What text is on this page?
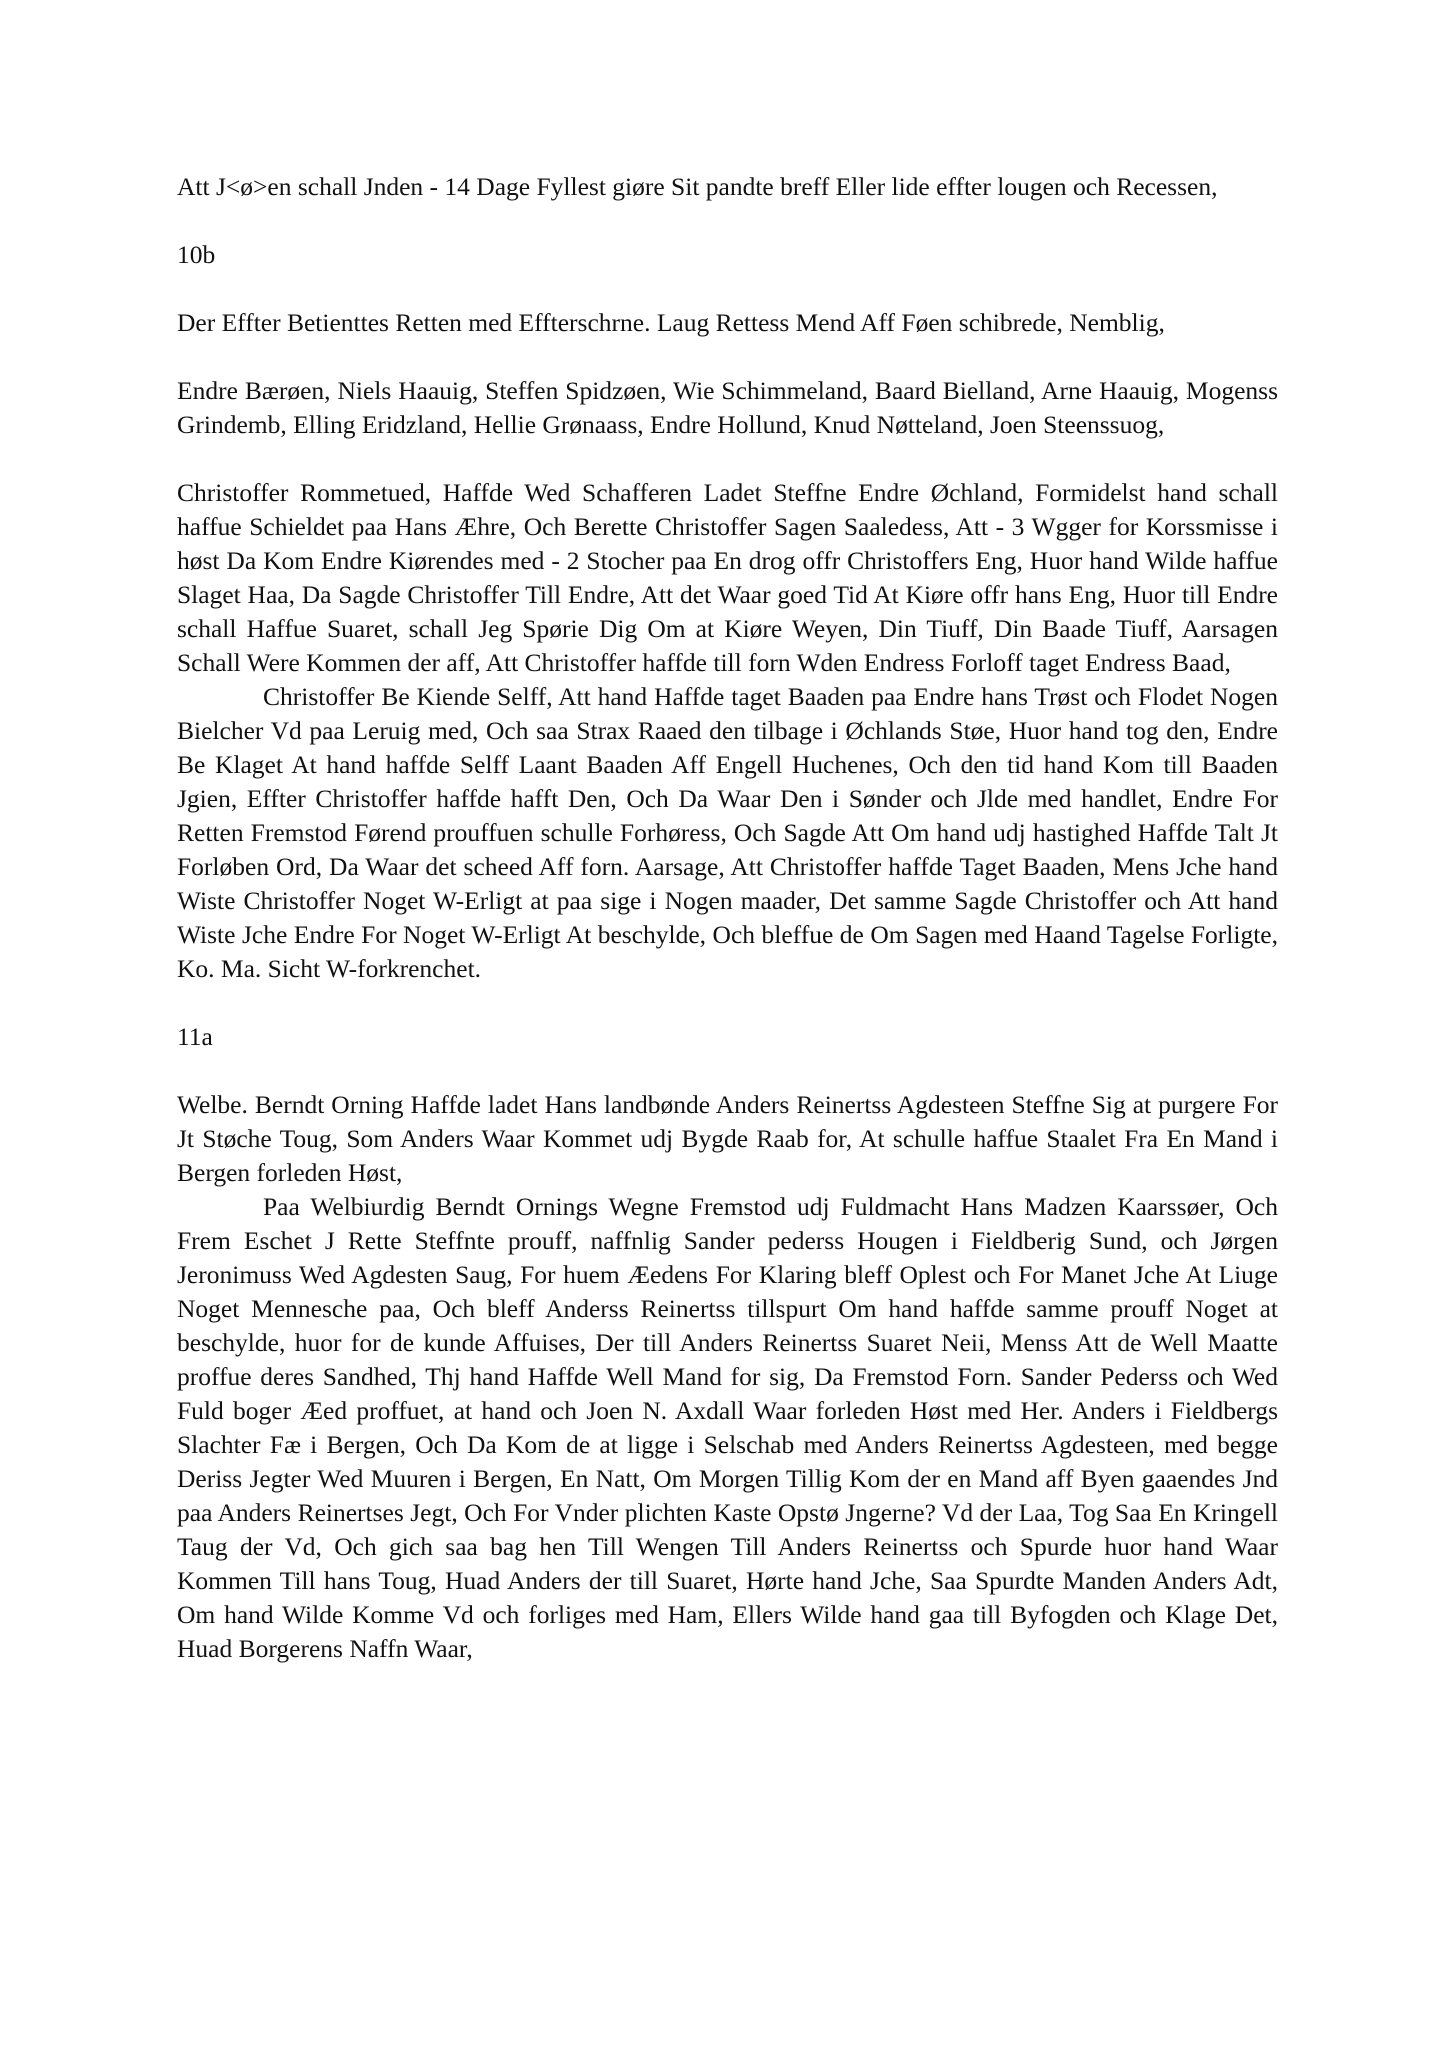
Att J<ø>en schall Jnden - 14 Dage Fyllest giøre Sit pandte breff Eller lide effter lougen och Recessen,

10b

Der Effter Betienttes Retten med Effterschrne. Laug Rettess Mend Aff Føen schibrede, Nemblig,

Endre Bærøen, Niels Haauig, Steffen Spidzøen, Wie Schimmeland, Baard Bielland, Arne Haauig, Mogenss Grindemb, Elling Eridzland, Hellie Grønaass, Endre Hollund, Knud Nøtteland, Joen Steenssuog,

Christoffer Rommetued, Haffde Wed Schafferen Ladet Steffne Endre Øchland, Formidelst hand schall haffue Schieldet paa Hans Æhre, Och Berette Christoffer Sagen Saaledess, Att - 3 Wgger for Korssmisse i høst Da Kom Endre Kiørendes med - 2 Stocher paa En drog offr Christoffers Eng, Huor hand Wilde haffue Slaget Haa, Da Sagde Christoffer Till Endre, Att det Waar goed Tid At Kiøre offr hans Eng, Huor till Endre schall Haffue Suaret, schall Jeg Spørie Dig Om at Kiøre Weyen, Din Tiuff, Din Baade Tiuff, Aarsagen Schall Were Kommen der aff, Att Christoffer haffde till forn Wden Endress Forloff taget Endress Baad,

Christoffer Be Kiende Selff, Att hand Haffde taget Baaden paa Endre hans Trøst och Flodet Nogen Bielcher Vd paa Leruig med, Och saa Strax Raaed den tilbage i Øchlands Støe, Huor hand tog den, Endre Be Klaget At hand haffde Selff Laant Baaden Aff Engell Huchenes, Och den tid hand Kom till Baaden Jgien, Effter Christoffer haffde hafft Den, Och Da Waar Den i Sønder och Jlde med handlet, Endre For Retten Fremstod Førend prouffuen schulle Forhøress, Och Sagde Att Om hand udj hastighed Haffde Talt Jt Forløben Ord, Da Waar det scheed Aff forn. Aarsage, Att Christoffer haffde Taget Baaden, Mens Jche hand Wiste Christoffer Noget W-Erligt at paa sige i Nogen maader, Det samme Sagde Christoffer och Att hand Wiste Jche Endre For Noget W-Erligt At beschylde, Och bleffue de Om Sagen med Haand Tagelse Forligte, Ko. Ma. Sicht W-forkrenchet.

11a

Welbe. Berndt Orning Haffde ladet Hans landbønde Anders Reinertss Agdesteen Steffne Sig at purgere For Jt Støche Toug, Som Anders Waar Kommet udj Bygde Raab for, At schulle haffue Staalet Fra En Mand i Bergen forleden Høst,

Paa Welbiurdig Berndt Ornings Wegne Fremstod udj Fuldmacht Hans Madzen Kaarssøer, Och Frem Eschet J Rette Steffnte prouff, naffnlig Sander pederss Hougen i Fieldberig Sund, och Jørgen Jeronimuss Wed Agdesten Saug, For huem Æedens For Klaring bleff Oplest och For Manet Jche At Liuge Noget Mennesche paa, Och bleff Anderss Reinertss tillspurt Om hand haffde samme prouff Noget at beschylde, huor for de kunde Affuises, Der till Anders Reinertss Suaret Neii, Menss Att de Well Maatte proffue deres Sandhed, Thj hand Haffde Well Mand for sig, Da Fremstod Forn. Sander Pederss och Wed Fuld boger Æed proffuet, at hand och Joen N. Axdall Waar forleden Høst med Her. Anders i Fieldbergs Slachter Fæ i Bergen, Och Da Kom de at ligge i Selschab med Anders Reinertss Agdesteen, med begge Deriss Jegter Wed Muuren i Bergen, En Natt, Om Morgen Tillig Kom der en Mand aff Byen gaaendes Jnd paa Anders Reinertses Jegt, Och For Vnder plichten Kaste Opstø Jngerne? Vd der Laa, Tog Saa En Kringell Taug der Vd, Och gich saa bag hen Till Wengen Till Anders Reinertss och Spurde huor hand Waar Kommen Till hans Toug, Huad Anders der till Suaret, Hørte hand Jche, Saa Spurdte Manden Anders Adt, Om hand Wilde Komme Vd och forliges med Ham, Ellers Wilde hand gaa till Byfogden och Klage Det, Huad Borgerens Naffn Waar,
